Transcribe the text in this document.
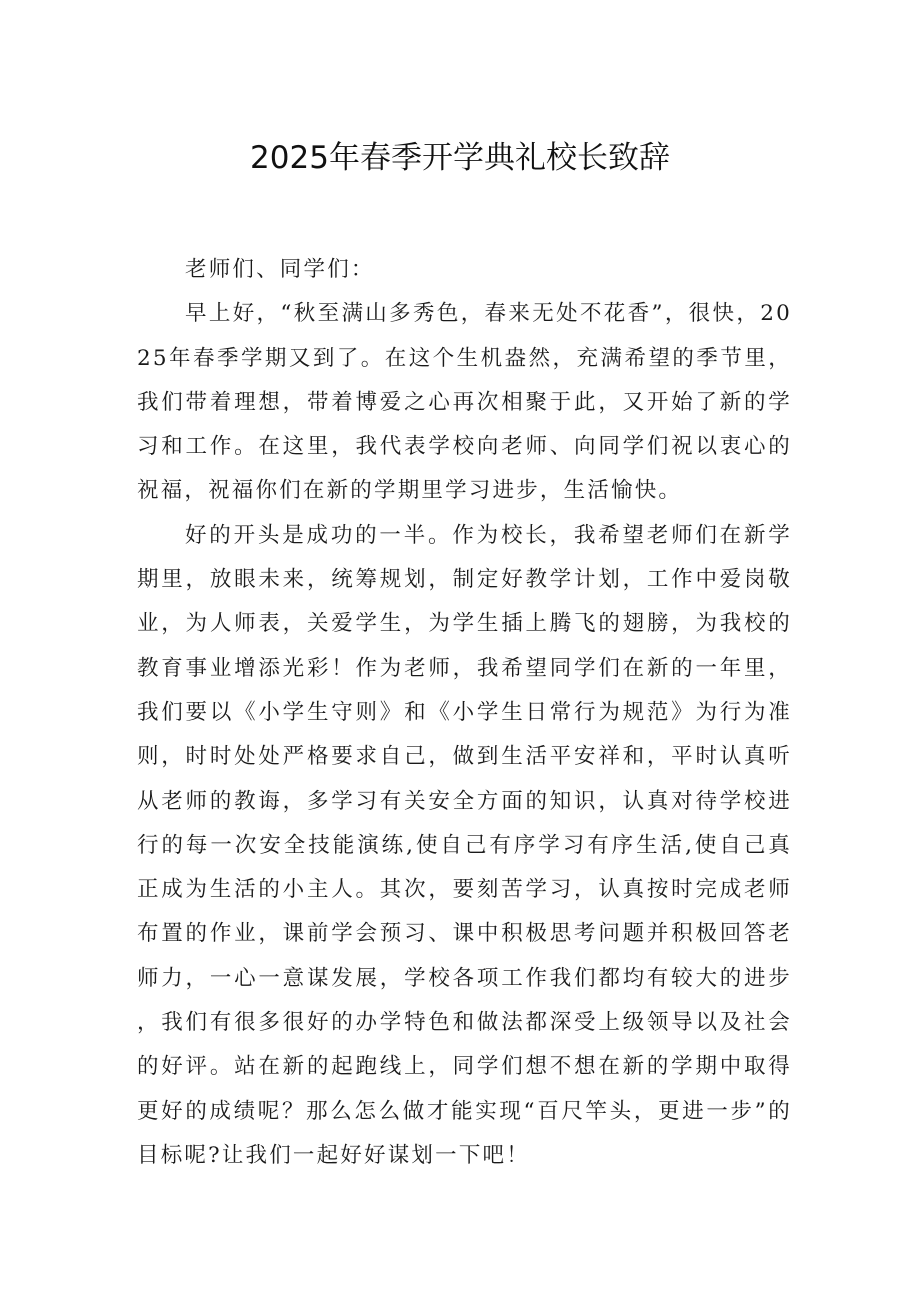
2025年春季开学典礼校长致辞

老师们、同学们：

早上好，“秋至满山多秀色，春来无处不花香”，很快，2025年春季学期又到了。在这个生机盎然，充满希望的季节里，我们带着理想，带着博爱之心再次相聚于此，又开始了新的学习和工作。在这里，我代表学校向老师、向同学们祝以衷心的祝福，祝福你们在新的学期里学习进步，生活愉快。

好的开头是成功的一半。作为校长，我希望老师们在新学期里，放眼未来，统筹规划，制定好教学计划，工作中爱岗敬业，为人师表，关爱学生，为学生插上腾飞的翅膀，为我校的教育事业增添光彩！作为老师，我希望同学们在新的一年里，我们要以《小学生守则》和《小学生日常行为规范》为行为准则，时时处处严格要求自己，做到生活平安祥和，平时认真听从老师的教诲，多学习有关安全方面的知识，认真对待学校进行的每一次安全技能演练,使自己有序学习有序生活,使自己真正成为生活的小主人。其次，要刻苦学习，认真按时完成老师布置的作业，课前学会预习、课中积极思考问题并积极回答老师力，一心一意谋发展，学校各项工作我们都均有较大的进步，我们有很多很好的办学特色和做法都深受上级领导以及社会的好评。站在新的起跑线上，同学们想不想在新的学期中取得更好的成绩呢？那么怎么做才能实现“百尺竿头，更进一步”的目标呢?让我们一起好好谋划一下吧！
